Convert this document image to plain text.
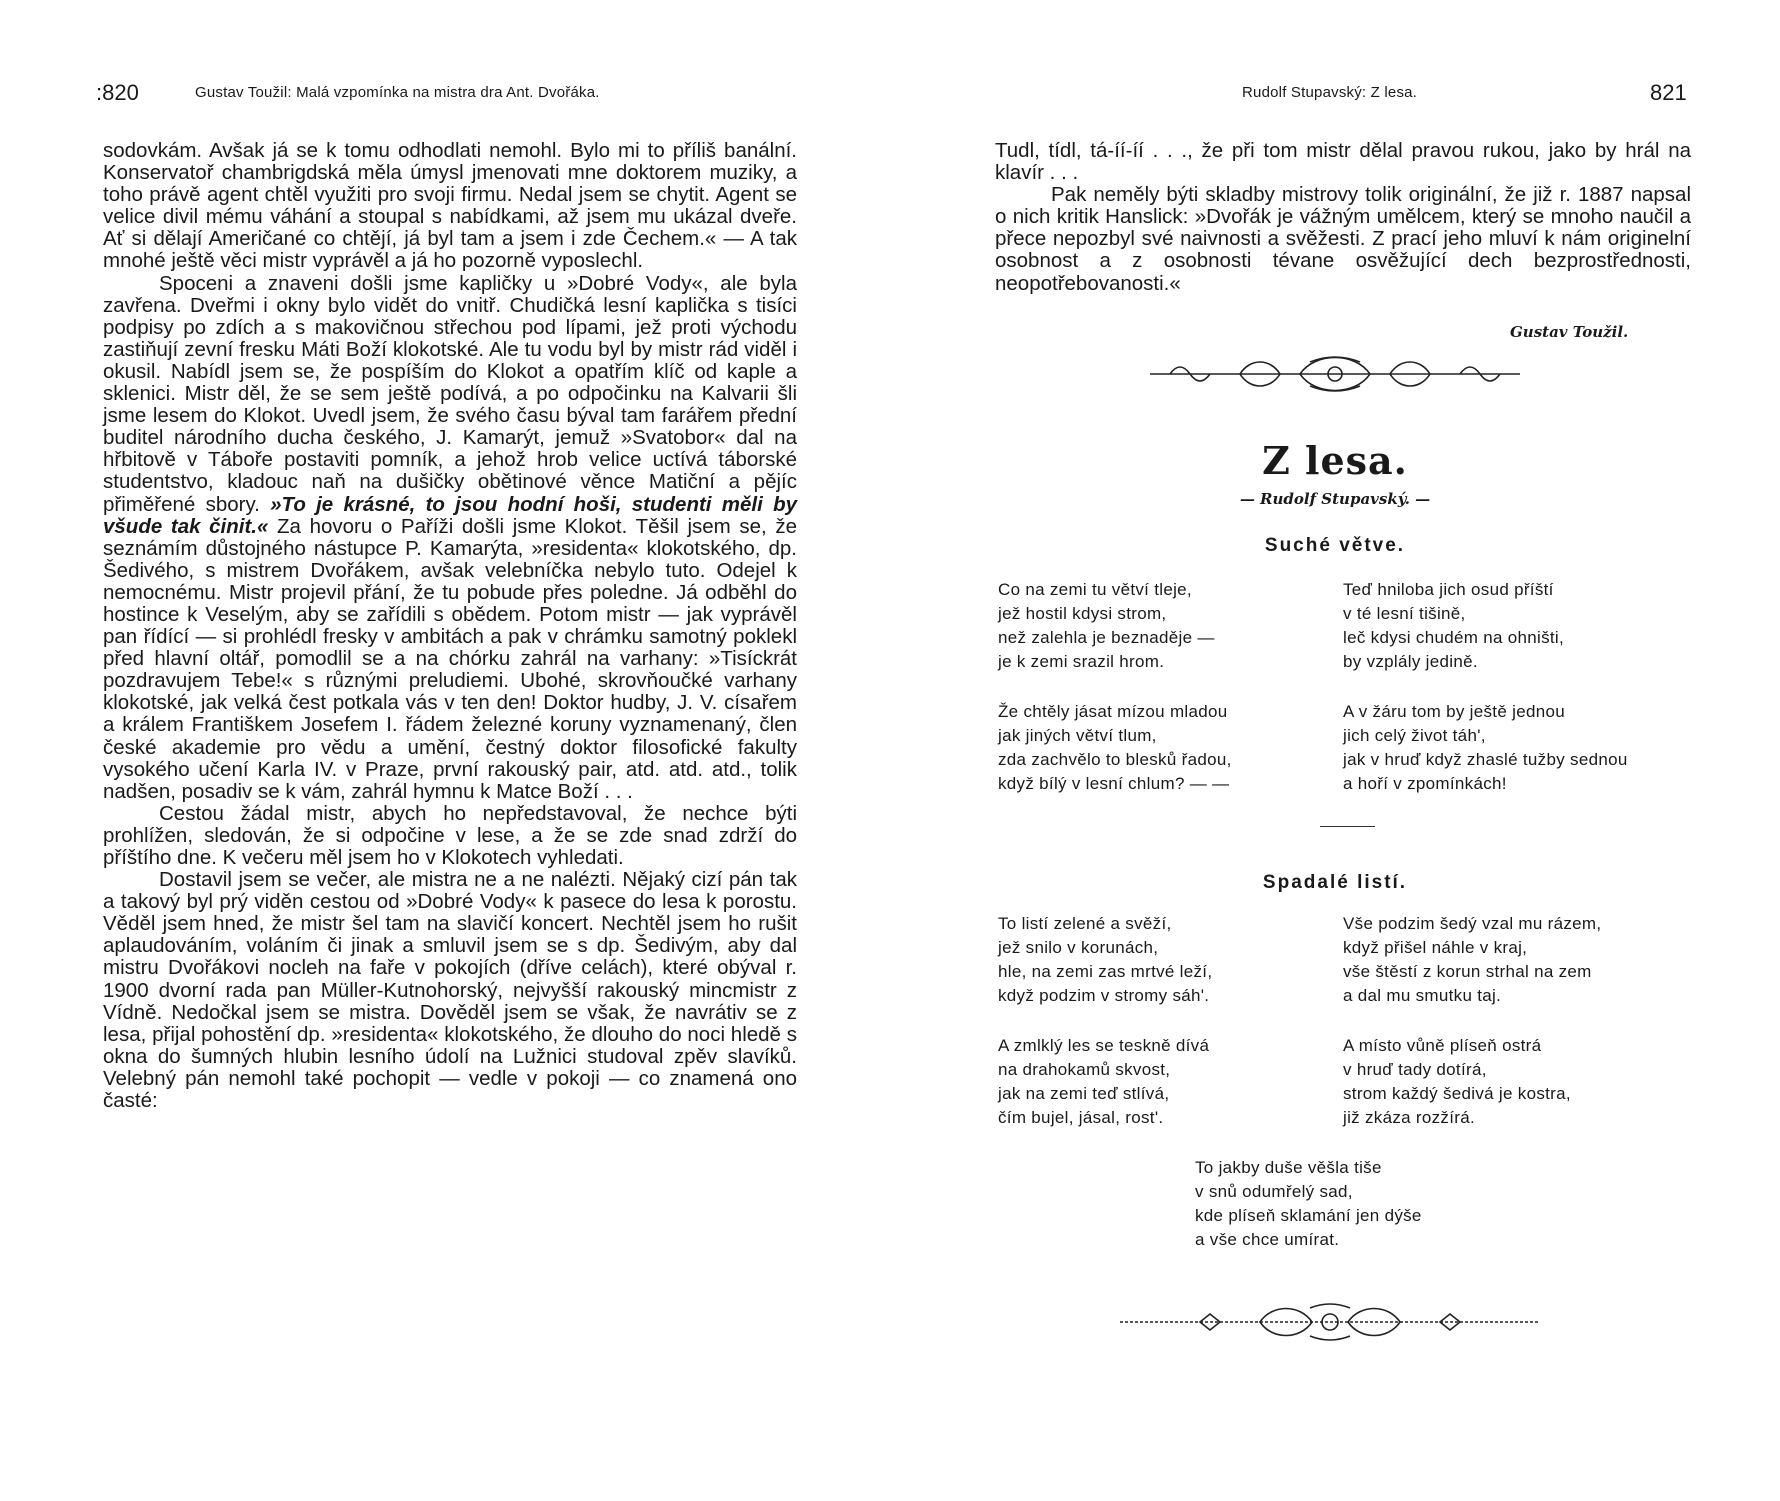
:820	Gustav Toužil: Malá vzpomínka na mistra dra Ant. Dvořáka.

sodovkám. Avšak já se k tomu odhodlati nemohl. Bylo mi to příliš banální. Konservatoř chambrigdská měla úmysl jmenovati mne doktorem muziky, a toho právě agent chtěl využiti pro svoji firmu. Nedal jsem se chytit. Agent se velice divil mému váhání a stoupal s nabídkami, až jsem mu ukázal dveře. Ať si dělají Američané co chtějí, já byl tam a jsem i zde Čechem.« — A tak mnohé ještě věci mistr vyprávěl a já ho pozorně vyposlechl.

Spoceni a znaveni došli jsme kapličky u »Dobré Vody«, ale byla zavřena. Dveřmi i okny bylo vidět do vnitř. Chudičká lesní kaplička s tisíci podpisy po zdích a s makovičnou střechou pod lípami, jež proti východu zastiňují zevní fresku Máti Boží klokotské. Ale tu vodu byl by mistr rád viděl i okusil. Nabídl jsem se, že pospíším do Klokot a opatřím klíč od kaple a sklenici. Mistr děl, že se sem ještě podívá, a po odpočinku na Kalvarii šli jsme lesem do Klokot. Uvedl jsem, že svého času býval tam farářem přední buditel národního ducha českého, J. Kamarýt, jemuž »Svatobor« dal na hřbitově v Táboře postaviti pomník, a jehož hrob velice uctívá táborské studentstvo, kladouc naň na dušičky obětinové věnce Matiční a pějíc přiměřené sbory. »To je krásné, to jsou hodní hoši, studenti měli by všude tak činit.« Za hovoru o Paříži došli jsme Klokot. Těšil jsem se, že seznámím důstojného nástupce P. Kamarýta, »residenta« klokotského, dp. Šedivého, s mistrem Dvořákem, avšak velebníčka nebylo tuto. Odejel k nemocnému. Mistr projevil přání, že tu pobude přes poledne. Já odběhl do hostince k Veselým, aby se zařídili s obědem. Potom mistr — jak vyprávěl pan řídící — si prohlédl fresky v ambitách a pak v chrámku samotný poklekl před hlavní oltář, pomodlil se a na chórku zahrál na varhany: »Tisíckrát pozdravujem Tebe!« s různými preludiemi. Ubohé, skrovňoučké varhany klokotské, jak velká čest potkala vás v ten den! Doktor hudby, J. V. císařem a králem Františkem Josefem I. řádem železné koruny vyznamenaný, člen české akademie pro vědu a umění, čestný doktor filosofické fakulty vysokého učení Karla IV. v Praze, první rakouský pair, atd. atd. atd., tolik nadšen, posadiv se k vám, zahrál hymnu k Matce Boží . . .

Cestou žádal mistr, abych ho nepředstavoval, že nechce býti prohlížen, sledován, že si odpočine v lese, a že se zde snad zdrží do příštího dne. K večeru měl jsem ho v Klokotech vyhledati.

Dostavil jsem se večer, ale mistra ne a ne nalézti. Nějaký cizí pán tak a takový byl prý viděn cestou od »Dobré Vody« k pasece do lesa k porostu. Věděl jsem hned, že mistr šel tam na slavičí koncert. Nechtěl jsem ho rušit aplaudováním, voláním či jinak a smluvil jsem se s dp. Šedivým, aby dal mistru Dvořákovi nocleh na faře v pokojích (dříve celách), které obýval r. 1900 dvorní rada pan Müller-Kutnohorský, nejvyšší rakouský mincmistr z Vídně. Nedočkal jsem se mistra. Dověděl jsem se však, že navrátiv se z lesa, přijal pohostění dp. »residenta« klokotského, že dlouho do noci hledě s okna do šumných hlubin lesního údolí na Lužnici studoval zpěv slavíků. Velebný pán nemohl také pochopit — vedle v pokoji — co znamená ono časté:

Rudolf Stupavský: Z lesa.	821

Tudl, tídl, tá-íí-íí . . ., že při tom mistr dělal pravou rukou, jako by hrál na klavír . . .

Pak neměly býti skladby mistrovy tolik originální, že již r. 1887 napsal o nich kritik Hanslick: »Dvořák je vážným umělcem, který se mnoho naučil a přece nepozbyl své naivnosti a svěžesti. Z prací jeho mluví k nám originelní osobnost a z osobnosti tévane osvěžující dech bezprostřednosti, neopotřebovanosti.«

Gustav Toužil.
Z lesa.
— Rudolf Stupavský. —
Suché větve.
Co na zemi tu větví tleje,
jež hostil kdysi strom,
než zalehla je beznaděje —
je k zemi srazil hrom.
Teď hniloba jich osud příští
v té lesní tišině,
leč kdysi chudém na ohništi,
by vzplály jedině.
Že chtěly jásat mízou mladou
jak jiných větví tlum,
zda zachvělo to blesků řadou,
když bílý v lesní chlum? — —
A v žáru tom by ještě jednou
jich celý život táh',
jak v hruď když zhaslé tužby sednou
a hoří v zpomínkách!
Spadalé listí.
To listí zelené a svěží,
jež snilo v korunách,
hle, na zemi zas mrtvé leží,
když podzim v stromy sáh'.
Vše podzim šedý vzal mu rázem,
když přišel náhle v kraj,
vše štěstí z korun strhal na zem
a dal mu smutku taj.
A zmlklý les se teskně dívá
na drahokamů skvost,
jak na zemi teď stlívá,
čím bujel, jásal, rost'.
A místo vůně plíseň ostrá
v hruď tady dotírá,
strom každý šedivá je kostra,
již zkáza rozžírá.
To jakby duše věšla tiše
v snů odumřelý sad,
kde plíseň sklamání jen dýše
a vše chce umírat.
